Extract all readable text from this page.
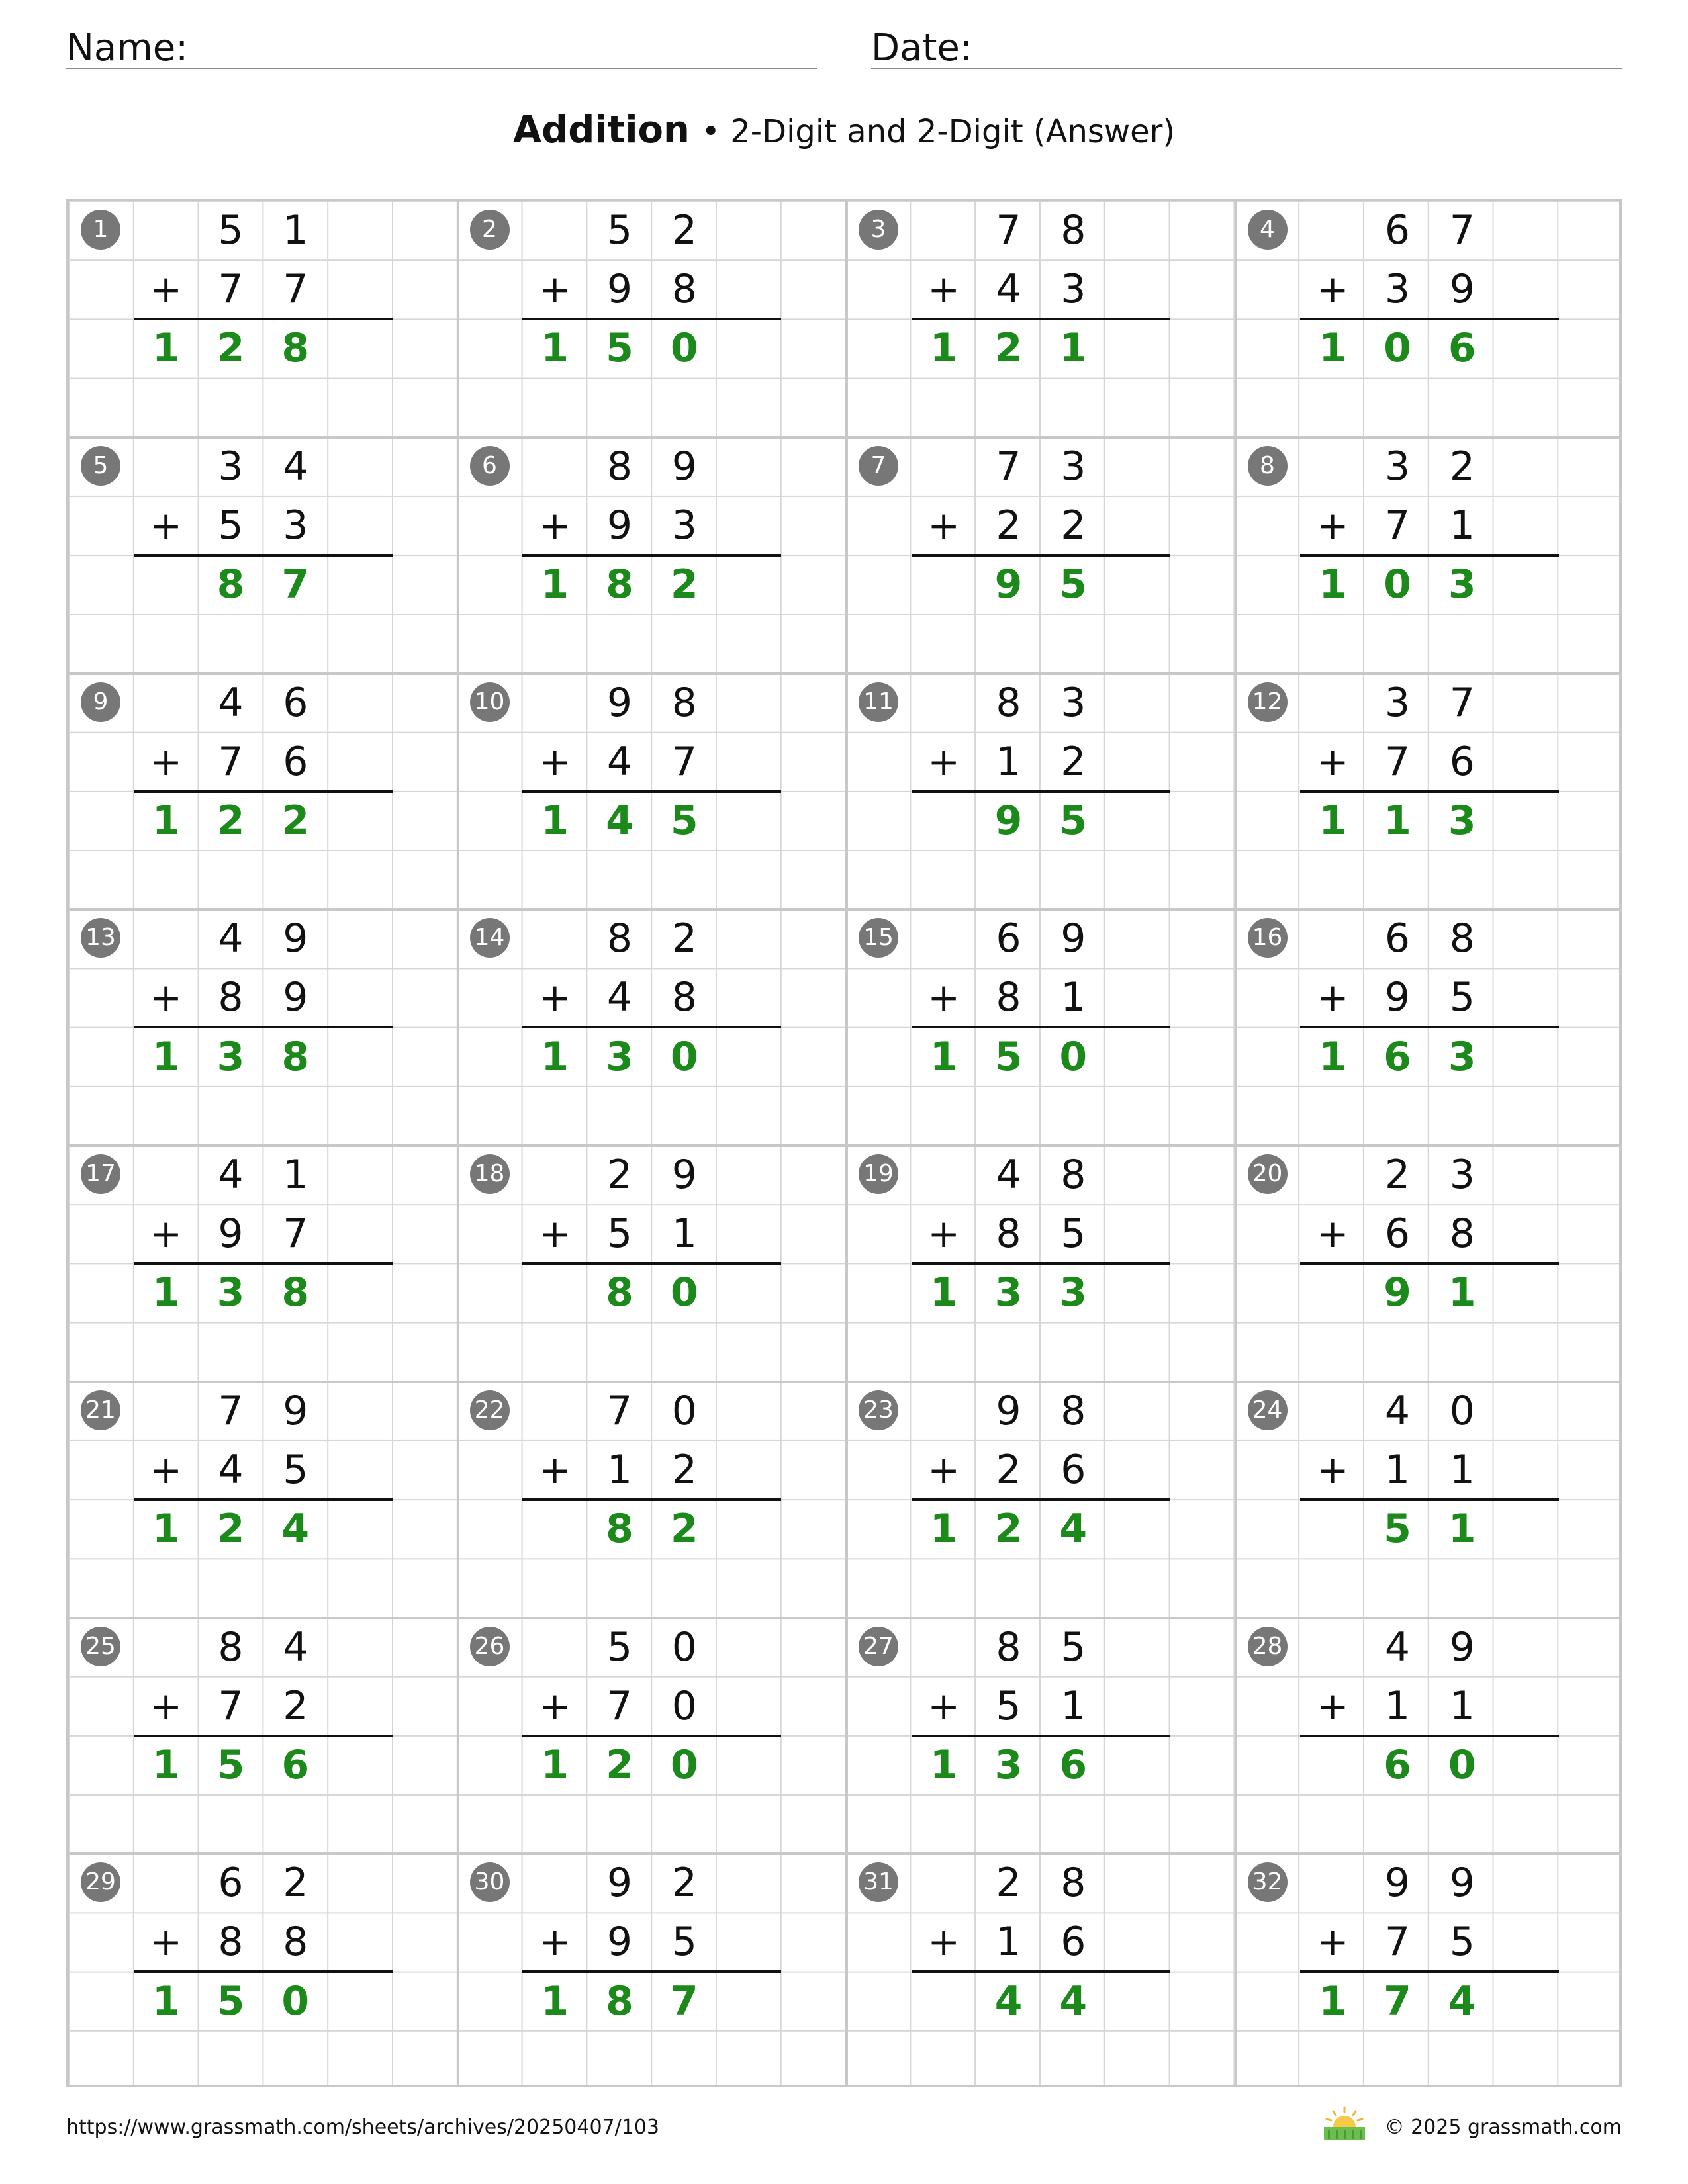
Name:	Date:
Addition • 2-Digit and 2-Digit (Answer)
1	5 1
+ 7 7
1 2 8
2	5 2
+ 9 8
1 5 0
3	7 8
+ 4 3
1 2 1
4	6 7
+ 3 9
1 0 6
5	3 4
+ 5 3
8 7
6	8 9
+ 9 3
1 8 2
7	7 3
+ 2 2
9 5
8	3 2
+ 7 1
1 0 3
9	4 6
+ 7 6
1 2 2
10	9 8
+ 4 7
1 4 5
11	8 3
+ 1 2
9 5
12	3 7
+ 7 6
1 1 3
13	4 9
+ 8 9
1 3 8
14	8 2
+ 4 8
1 3 0
15	6 9
+ 8 1
1 5 0
16	6 8
+ 9 5
1 6 3
17	4 1
+ 9 7
1 3 8
18	2 9
+ 5 1
8 0
19	4 8
+ 8 5
1 3 3
20	2 3
+ 6 8
9 1
21	7 9
+ 4 5
1 2 4
22	7 0
+ 1 2
8 2
23	9 8
+ 2 6
1 2 4
24	4 0
+ 1 1
5 1
25	8 4
+ 7 2
1 5 6
26	5 0
+ 7 0
1 2 0
27	8 5
+ 5 1
1 3 6
28	4 9
+ 1 1
6 0
29	6 2
+ 8 8
1 5 0
30	9 2
+ 9 5
1 8 7
31	2 8
+ 1 6
4 4
32	9 9
+ 7 5
1 7 4
https://www.grassmath.com/sheets/archives/20250407/103	© 2025 grassmath.com
